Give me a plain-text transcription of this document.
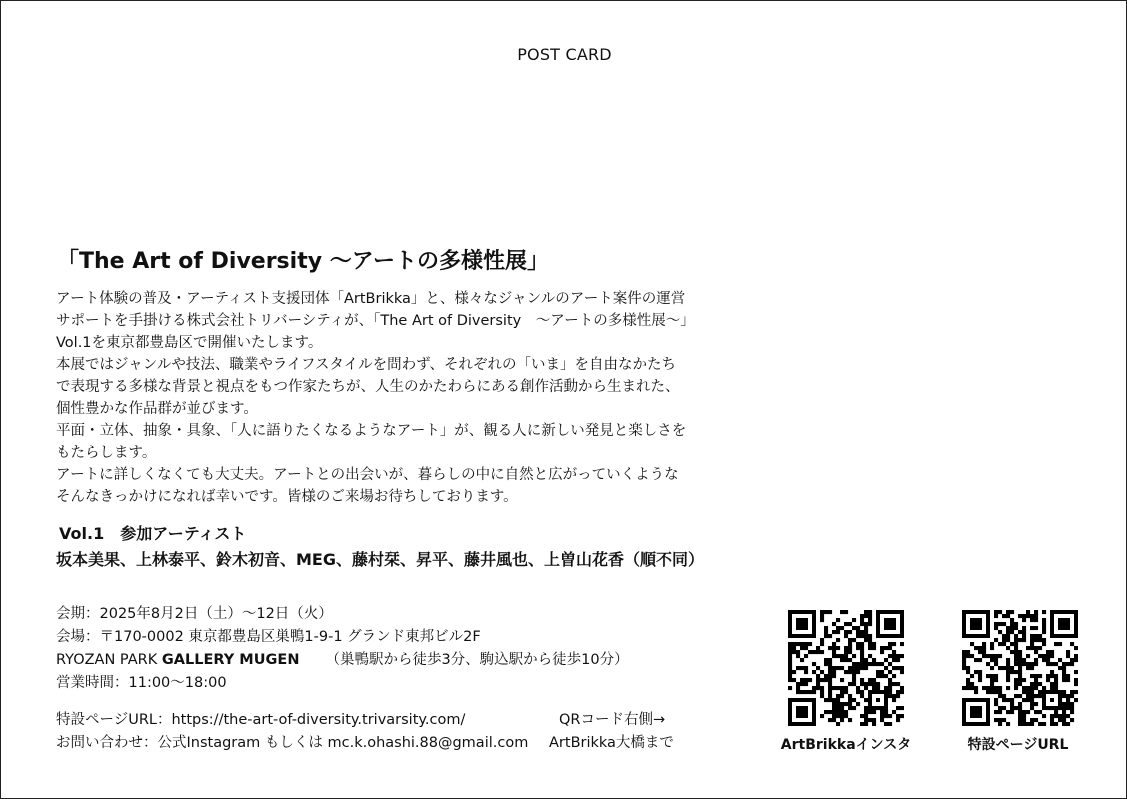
POST CARD
「The Art of Diversity 〜アートの多様性展」

アート体験の普及・アーティスト支援団体「ArtBrikka」と、様々なジャンルのアート案件の運営

サポートを手掛ける株式会社トリバーシティが、「The Art of Diversity　〜アートの多様性展〜」

Vol.1を東京都豊島区で開催いたします。

本展ではジャンルや技法、職業やライフスタイルを問わず、それぞれの「いま」を自由なかたち

で表現する多様な背景と視点をもつ作家たちが、人生のかたわらにある創作活動から生まれた、

個性豊かな作品群が並びます。

平面・立体、抽象・具象、「人に語りたくなるようなアート」が、観る人に新しい発見と楽しさを

もたらします。

アートに詳しくなくても大丈夫。アートとの出会いが、暮らしの中に自然と広がっていくような

そんなきっかけになれば幸いです。皆様のご来場お待ちしております。

Vol.1　参加アーティスト
坂本美果、上林泰平、鈴木初音、MEG、藤村栞、昇平、藤井風也、上曽山花香（順不同）

会期：2025年8月2日（土）〜12日（火）

会場：〒170-0002 東京都豊島区巣鴨1-9-1 グランド東邦ビル2F

RYOZAN PARK GALLERY MUGEN （巣鴨駅から徒歩3分、駒込駅から徒歩10分）

営業時間：11:00〜18:00

特設ページURL：https://the-art-of-diversity.trivarsity.com/

お問い合わせ：公式Instagram もしくは mc.k.ohashi.88@gmail.com

QRコード右側→

ArtBrikka大橋まで	ArtBrikkaインスタ	特設ページURL
